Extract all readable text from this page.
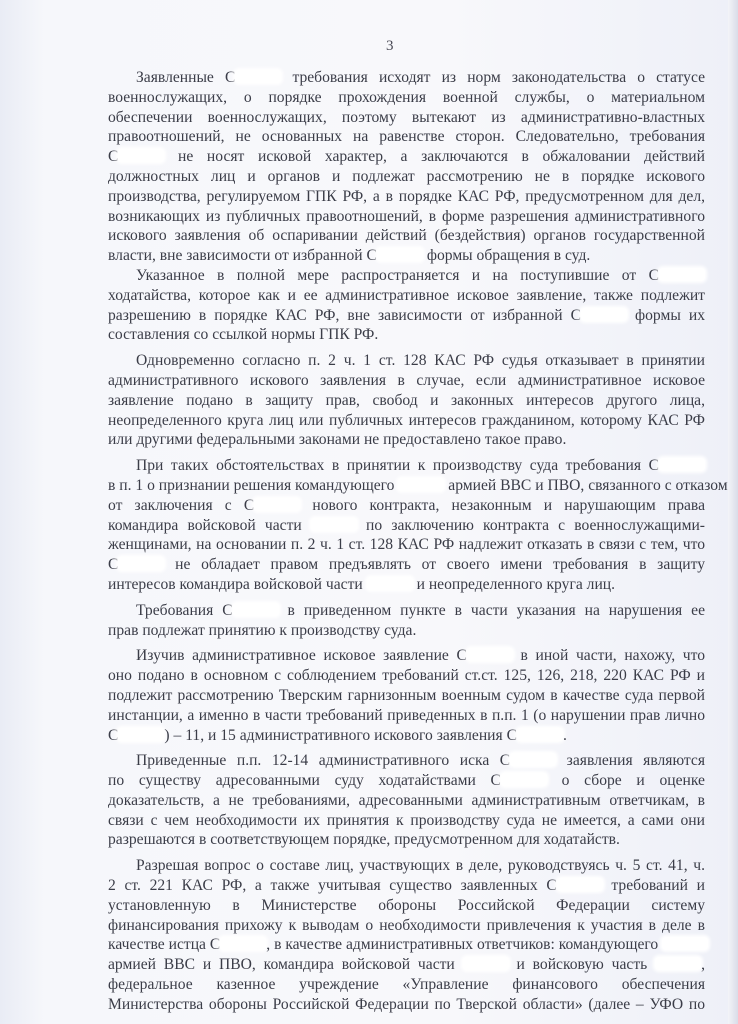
3
Заявленные С	требования исходят из норм законодательства о статусе
военнослужащих, о порядке прохождения военной службы, о материальном
обеспечении военнослужащих, поэтому вытекают из административно-властных
правоотношений, не основанных на равенстве сторон. Следовательно, требования
С	не носят исковой характер, а заключаются в обжаловании действий
должностных лиц и органов и подлежат рассмотрению не в порядке искового
производства, регулируемом ГПК РФ, а в порядке КАС РФ, предусмотренном для дел,
возникающих из публичных правоотношений, в форме разрешения административного
искового заявления об оспаривании действий (бездействия) органов государственной
власти, вне зависимости от избранной С	формы обращения в суд.
Указанное в полной мере распространяется и на поступившие от С
ходатайства, которое как и ее административное исковое заявление, также подлежит
разрешению в порядке КАС РФ, вне зависимости от избранной С	формы их
составления со ссылкой нормы ГПК РФ.
Одновременно согласно п. 2 ч. 1 ст. 128 КАС РФ судья отказывает в принятии
административного искового заявления в случае, если административное исковое
заявление подано в защиту прав, свобод и законных интересов другого лица,
неопределенного круга лиц или публичных интересов гражданином, которому КАС РФ
или другими федеральными законами не предоставлено такое право.
При таких обстоятельствах в принятии к производству суда требования С
в п. 1 о признании решения командующего	армией ВВС и ПВО, связанного с отказом
от заключения с С	нового контракта, незаконным и нарушающим права
командира войсковой части	по заключению контракта с военнослужащими-
женщинами, на основании п. 2 ч. 1 ст. 128 КАС РФ надлежит отказать в связи с тем, что
С	не обладает правом предъявлять от своего имени требования в защиту
интересов командира войсковой части	и неопределенного круга лиц.
Требования С	в приведенном пункте в части указания на нарушения ее
прав подлежат принятию к производству суда.
Изучив административное исковое заявление С	в иной части, нахожу, что
оно подано в основном с соблюдением требований ст.ст. 125, 126, 218, 220 КАС РФ и
подлежит рассмотрению Тверским гарнизонным военным судом в качестве суда первой
инстанции, а именно в части требований приведенных в п.п. 1 (о нарушении прав лично
С	) – 11, и 15 административного искового заявления С	.
Приведенные п.п. 12-14 административного иска С	заявления являются
по существу адресованными суду ходатайствами С	о сборе и оценке
доказательств, а не требованиями, адресованными административным ответчикам, в
связи с чем необходимости их принятия к производству суда не имеется, а сами они
разрешаются в соответствующем порядке, предусмотренном для ходатайств.
Разрешая вопрос о составе лиц, участвующих в деле, руководствуясь ч. 5 ст. 41, ч.
2 ст. 221 КАС РФ, а также учитывая существо заявленных С	требований и
установленную в Министерстве обороны Российской Федерации систему
финансирования прихожу к выводам о необходимости привлечения к участия в деле в
качестве истца С	, в качестве административных ответчиков: командующего
армией ВВС и ПВО, командира войсковой части	и войсковую часть	,
федеральное казенное учреждение «Управление финансового обеспечения
Министерства обороны Российской Федерации по Тверской области» (далее – УФО по
